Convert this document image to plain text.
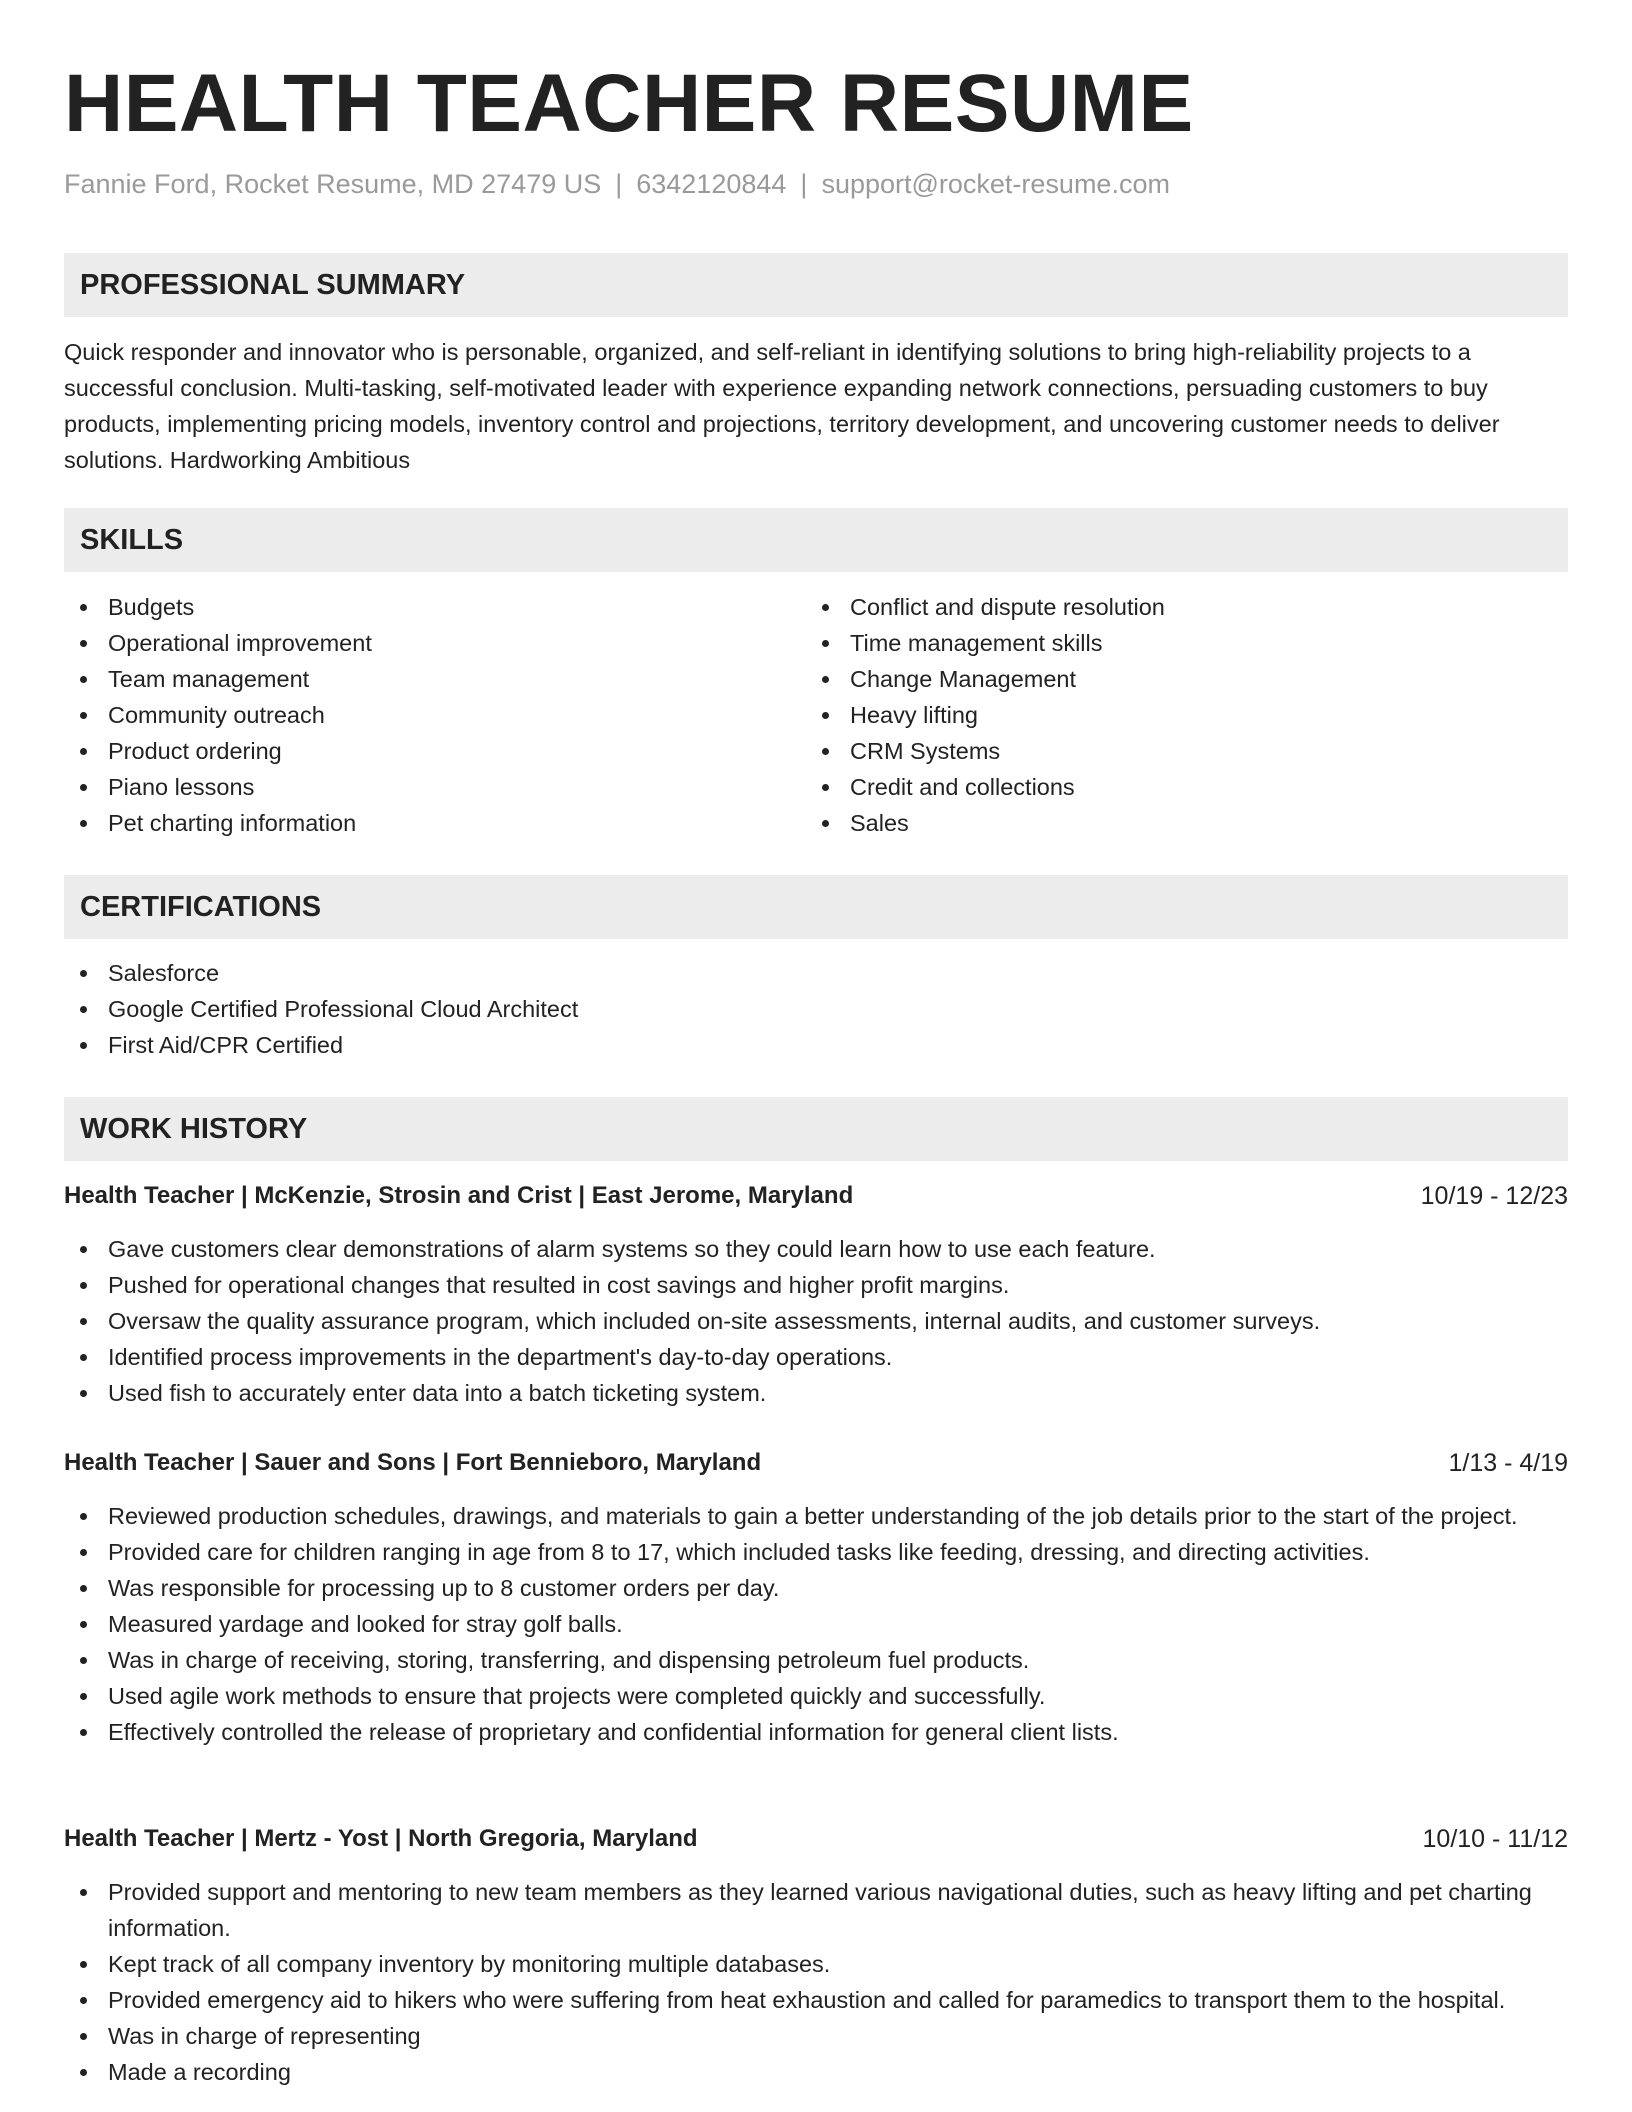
HEALTH TEACHER RESUME
Fannie Ford, Rocket Resume, MD 27479 US | 6342120844 | support@rocket-resume.com
PROFESSIONAL SUMMARY

Quick responder and innovator who is personable, organized, and self-reliant in identifying solutions to bring high-reliability projects to a successful conclusion. Multi-tasking, self-motivated leader with experience expanding network connections, persuading customers to buy products, implementing pricing models, inventory control and projections, territory development, and uncovering customer needs to deliver solutions. Hardworking Ambitious

SKILLS
Budgets
Operational improvement
Team management
Community outreach
Product ordering
Piano lessons
Pet charting information
Conflict and dispute resolution
Time management skills
Change Management
Heavy lifting
CRM Systems
Credit and collections
Sales
CERTIFICATIONS
Salesforce
Google Certified Professional Cloud Architect
First Aid/CPR Certified
WORK HISTORY
Health Teacher | McKenzie, Strosin and Crist | East Jerome, Maryland	10/19 - 12/23
Gave customers clear demonstrations of alarm systems so they could learn how to use each feature.
Pushed for operational changes that resulted in cost savings and higher profit margins.
Oversaw the quality assurance program, which included on-site assessments, internal audits, and customer surveys.
Identified process improvements in the department's day-to-day operations.
Used fish to accurately enter data into a batch ticketing system.
Health Teacher | Sauer and Sons | Fort Bennieboro, Maryland	1/13 - 4/19
Reviewed production schedules, drawings, and materials to gain a better understanding of the job details prior to the start of the project.
Provided care for children ranging in age from 8 to 17, which included tasks like feeding, dressing, and directing activities.
Was responsible for processing up to 8 customer orders per day.
Measured yardage and looked for stray golf balls.
Was in charge of receiving, storing, transferring, and dispensing petroleum fuel products.
Used agile work methods to ensure that projects were completed quickly and successfully.
Effectively controlled the release of proprietary and confidential information for general client lists.
Health Teacher | Mertz - Yost | North Gregoria, Maryland	10/10 - 11/12
Provided support and mentoring to new team members as they learned various navigational duties, such as heavy lifting and pet charting information.
Kept track of all company inventory by monitoring multiple databases.
Provided emergency aid to hikers who were suffering from heat exhaustion and called for paramedics to transport them to the hospital.
Was in charge of representing
Made a recording
